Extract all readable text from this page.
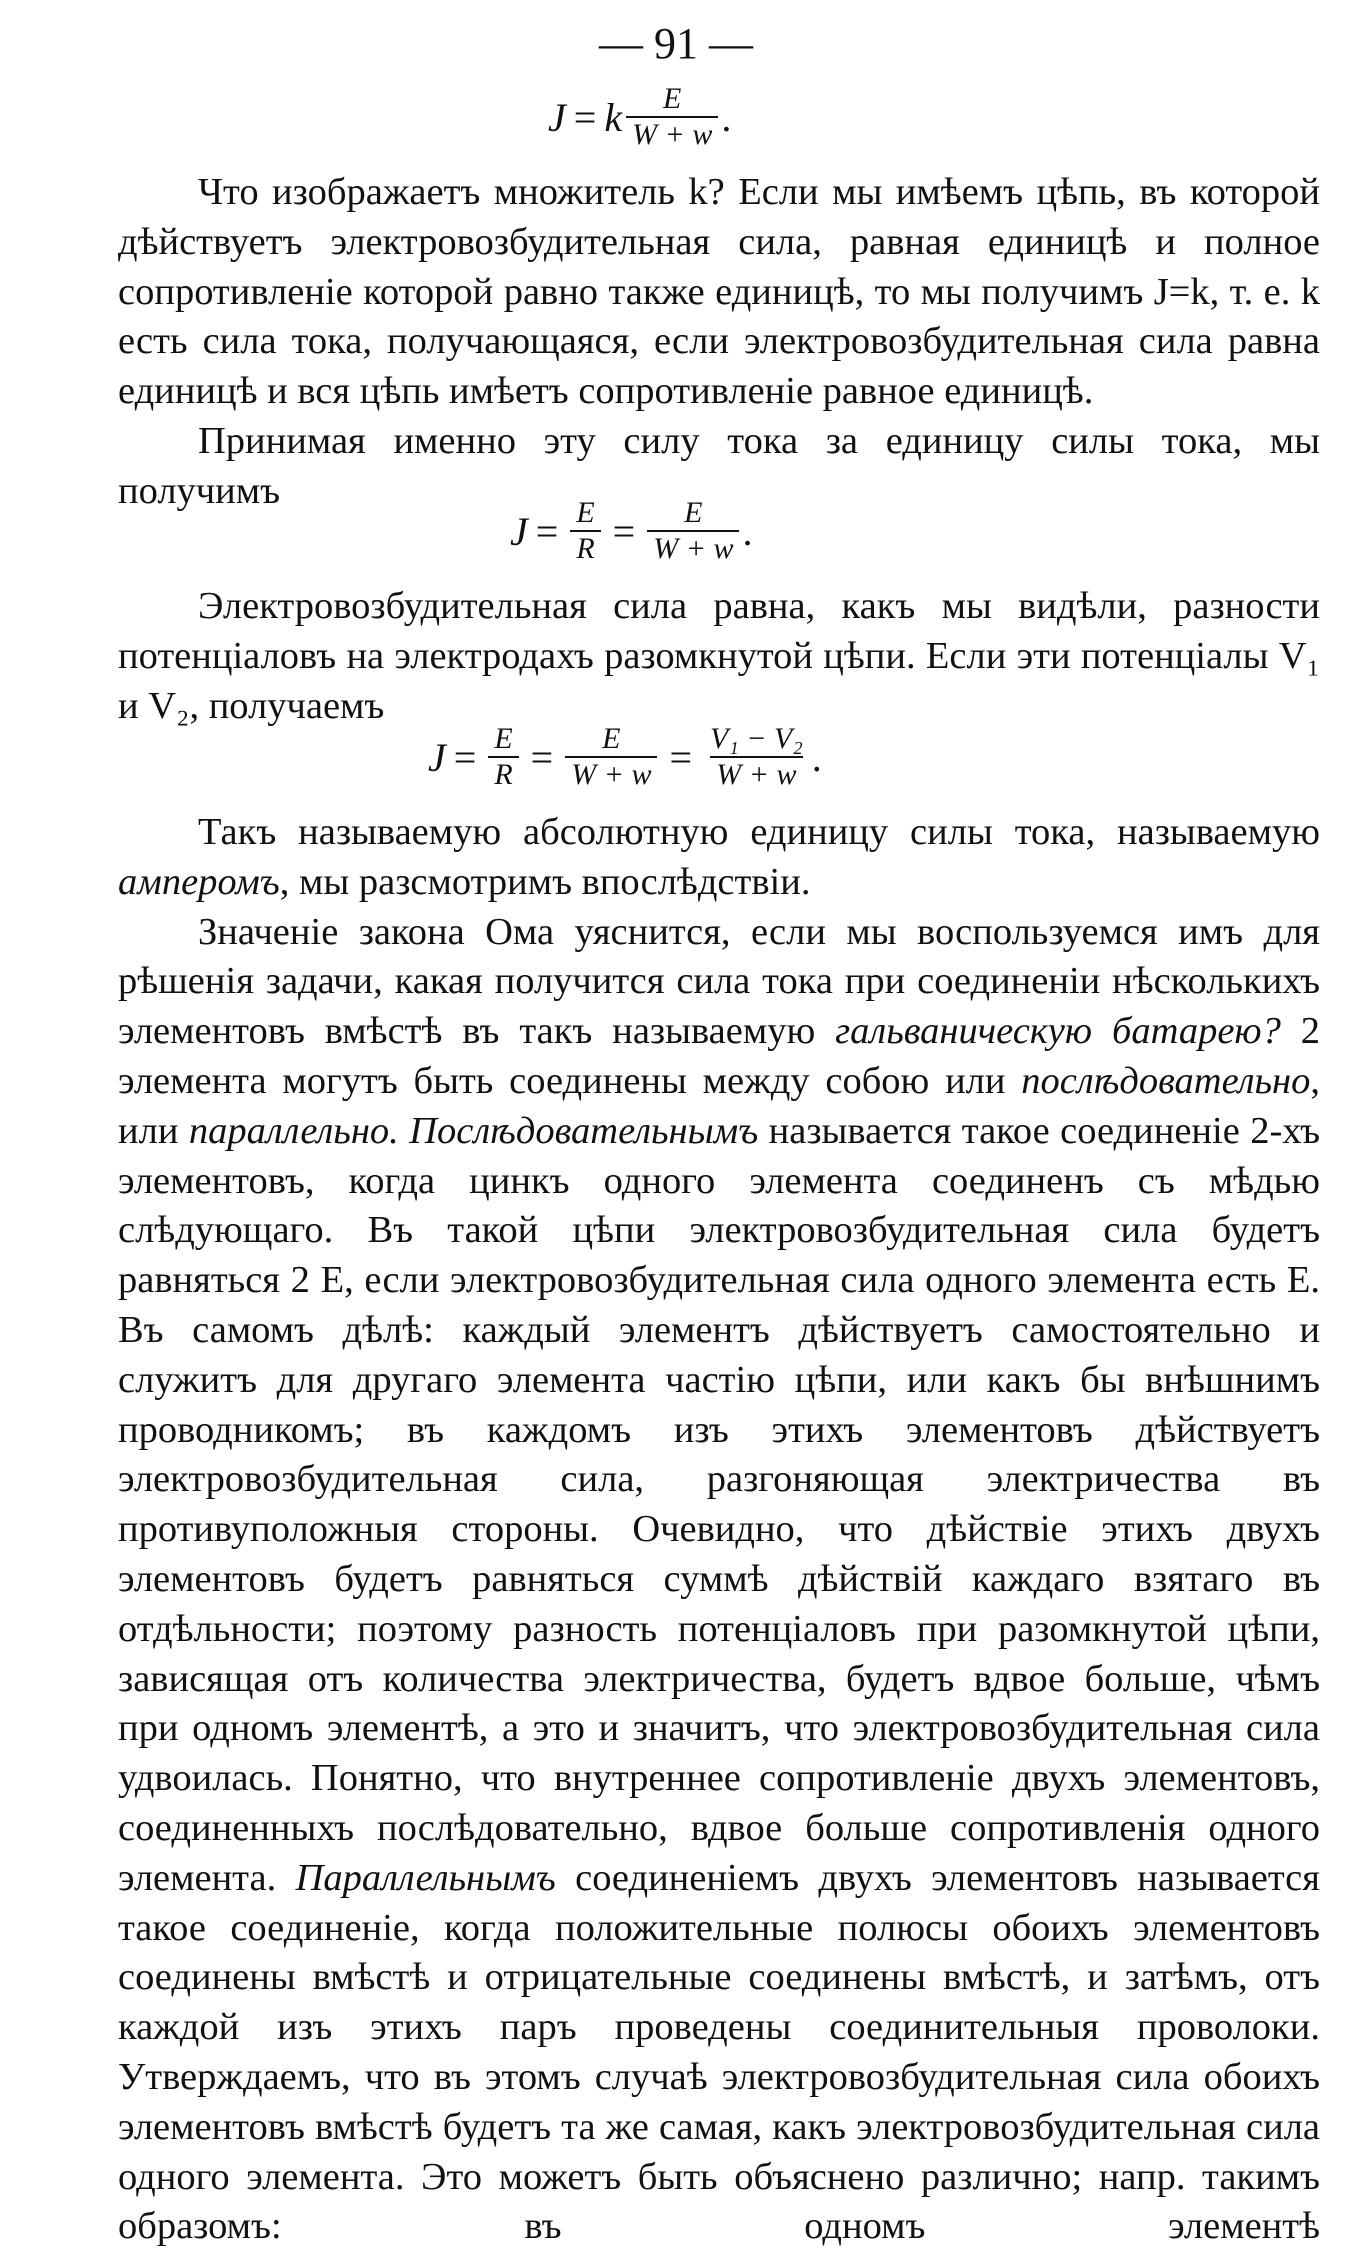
— 91 —
J = k $\frac{E}{W + w}$ .

Что изображаетъ множитель k? Если мы имѣемъ цѣпь, въ которой дѣйствуетъ электровозбудительная сила, равная единицѣ и полное сопротивленіе которой равно также единицѣ, то мы получимъ J=k, т. е. k есть сила тока, получающаяся, если электровозбудительная сила равна единицѣ и вся цѣпь имѣетъ сопротивленіе равное единицѣ.

Принимая именно эту силу тока за единицу силы тока, мы получимъ

$J = \frac{E}{R} = \frac{E}{W + w}$ .

Электровозбудительная сила равна, какъ мы видѣли, разности потенціаловъ на электродахъ разомкнутой цѣпи. Если эти потенціалы V₁ и V₂, получаемъ

$J = \frac{E}{R} = \frac{E}{W + w} = \frac{\text{V₁ − V₂}}{W + w}$ .

Такъ называемую абсолютную единицу силы тока, называемую амперомъ, мы разсмотримъ впослѣдствіи.

Значеніе закона Ома уяснится, если мы воспользуемся имъ для рѣшенія задачи, какая получится сила тока при соединеніи нѣсколькихъ элементовъ вмѣстѣ въ такъ называемую гальваническую батарею? 2 элемента могутъ быть соединены между собою или послѣдовательно, или параллельно. Послѣдовательнымъ называется такое соединеніе 2-хъ элементовъ, когда цинкъ одного элемента соединенъ съ мѣдью слѣдующаго. Въ такой цѣпи электровозбудительная сила будетъ равняться 2 E, если электровозбудительная сила одного элемента есть E. Въ самомъ дѣлѣ: каждый элементъ дѣйствуетъ самостоятельно и служитъ для другаго элемента частію цѣпи, или какъ бы внѣшнимъ проводникомъ; въ каждомъ изъ этихъ элементовъ дѣйствуетъ электровозбудительная сила, разгоняющая электричества въ противуположныя стороны. Очевидно, что дѣйствіе этихъ двухъ элементовъ будетъ равняться суммѣ дѣйствій каждаго взятаго въ отдѣльности; поэтому разность потенціаловъ при разомкнутой цѣпи, зависящая отъ количества электричества, будетъ вдвое больше, чѣмъ при одномъ элементѣ, а это и значитъ, что электровозбудительная сила удвоилась. Понятно, что внутреннее сопротивленіе двухъ элементовъ, соединенныхъ послѣдовательно, вдвое больше сопротивленія одного элемента. Параллельнымъ соединеніемъ двухъ элементовъ называется такое соединеніе, когда положительные полюсы обоихъ элементовъ соединены вмѣстѣ и отрицательные соединены вмѣстѣ, и затѣмъ, отъ каждой изъ этихъ паръ проведены соединительныя проволоки. Утверждаемъ, что въ этомъ случаѣ электровозбудительная сила обоихъ элементовъ вмѣстѣ будетъ та же самая, какъ электровозбудительная сила одного элемента. Это можетъ быть объяснено различно; напр. такимъ образомъ: въ одномъ элементѣ
